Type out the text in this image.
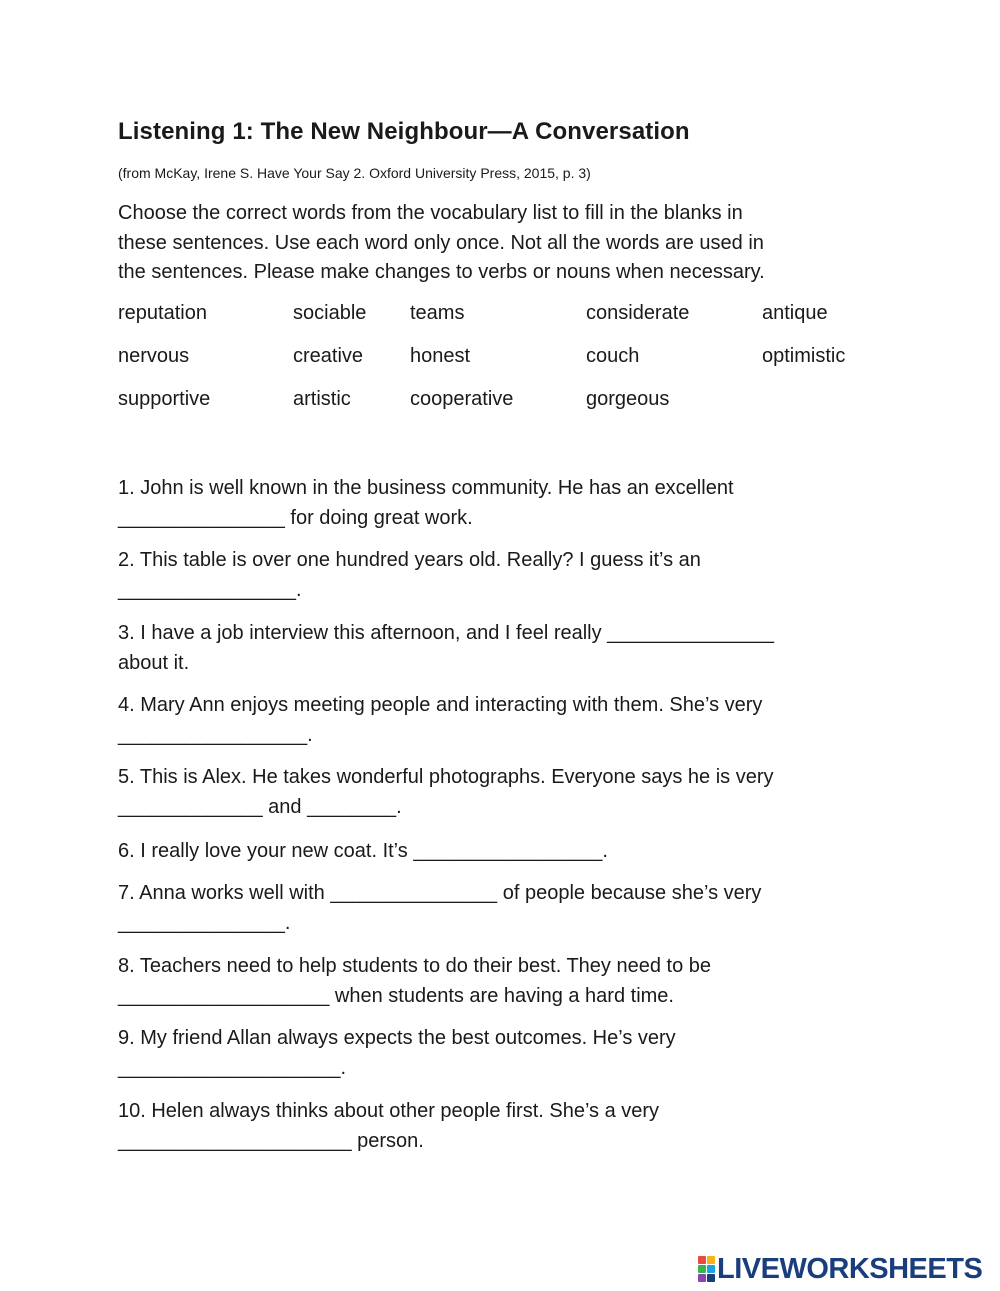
Listening 1: The New Neighbour—A Conversation
(from McKay, Irene S. Have Your Say 2. Oxford University Press, 2015, p. 3)
Choose the correct words from the vocabulary list to fill in the blanks in
these sentences. Use each word only once. Not all the words are used in
the sentences. Please make changes to verbs or nouns when necessary.
reputation	sociable	teams	considerate	antique
nervous	creative	honest	couch	optimistic
supportive	artistic	cooperative	gorgeous
1. John is well known in the business community. He has an excellent
_______________ for doing great work.
2. This table is over one hundred years old. Really? I guess it’s an
________________.
3. I have a job interview this afternoon, and I feel really _______________
about it.
4. Mary Ann enjoys meeting people and interacting with them. She’s very
_________________.
5. This is Alex. He takes wonderful photographs. Everyone says he is very
_____________ and ________.
6. I really love your new coat. It’s _________________.
7. Anna works well with _______________ of people because she’s very
_______________.
8. Teachers need to help students to do their best. They need to be
___________________ when students are having a hard time.
9. My friend Allan always expects the best outcomes. He’s very
____________________.
10. Helen always thinks about other people first. She’s a very
_____________________ person.
LIVEWORKSHEETS
